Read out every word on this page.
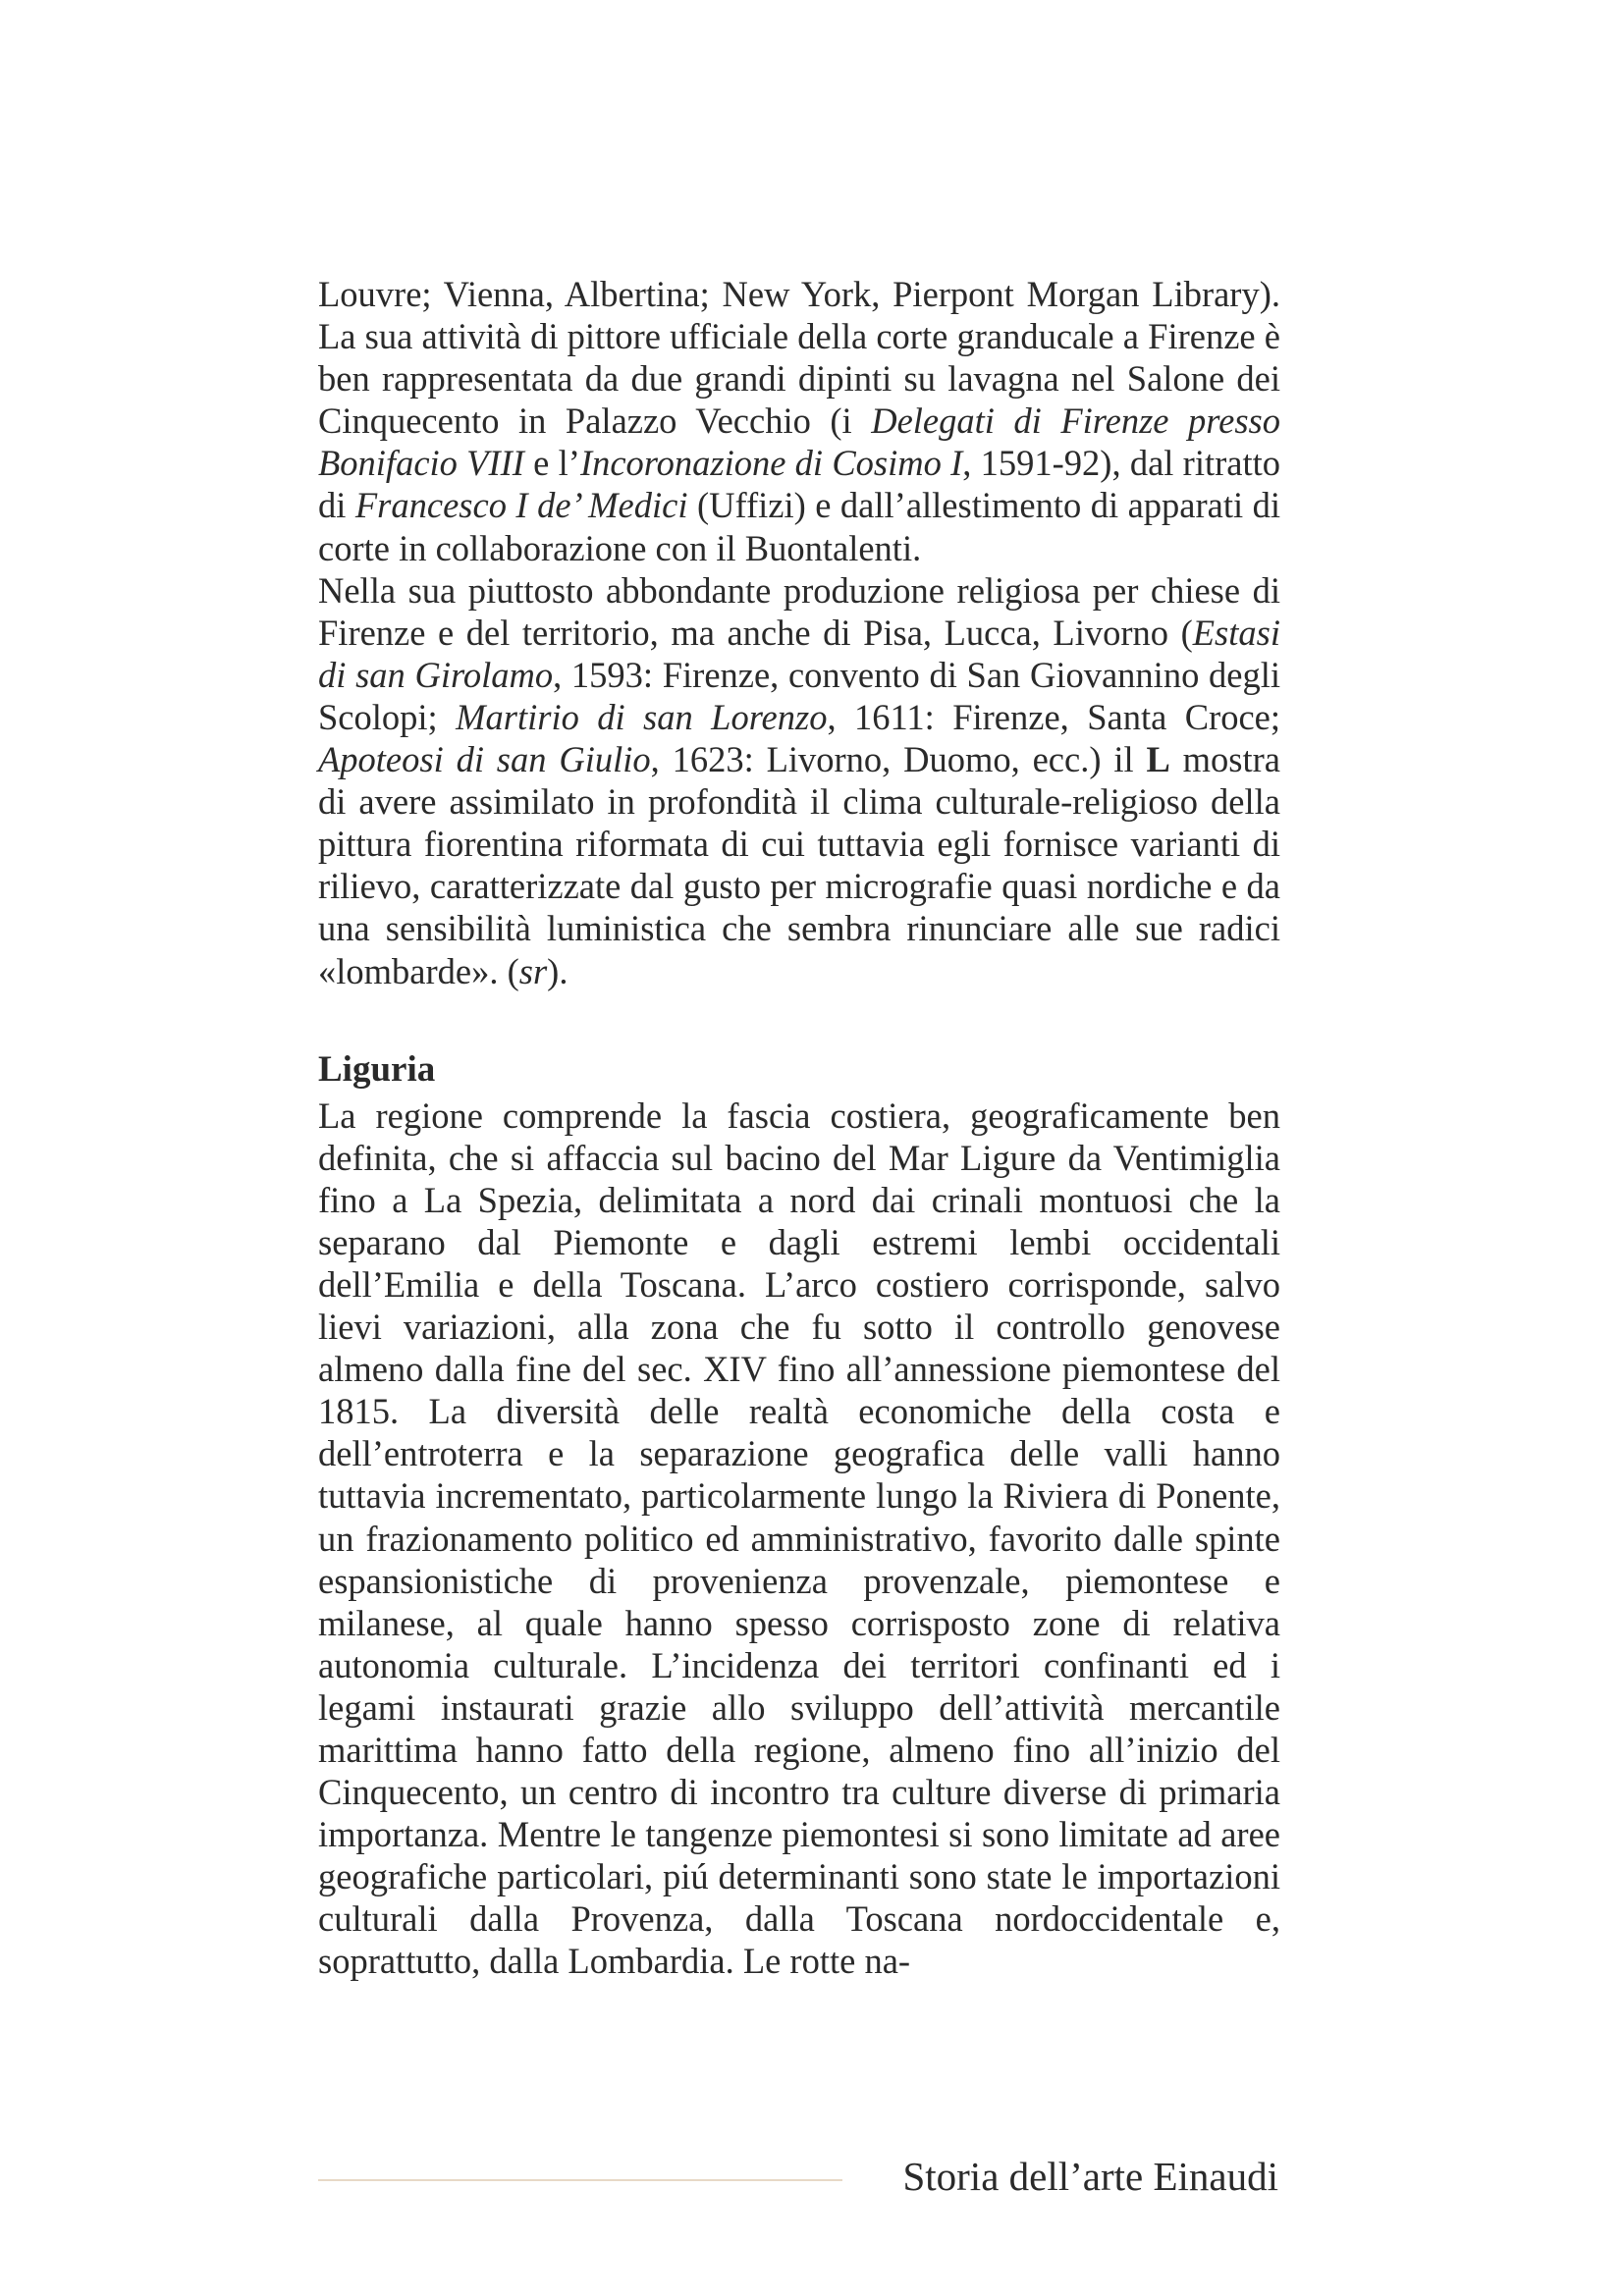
Louvre; Vienna, Albertina; New York, Pierpont Morgan Library). La sua attività di pittore ufficiale della corte granducale a Firenze è ben rappresentata da due grandi dipinti su lavagna nel Salone dei Cinquecento in Palazzo Vecchio (i Delegati di Firenze presso Bonifacio VIII e l’Incoronazione di Cosimo I, 1591-92), dal ritratto di Francesco I de’ Medici (Uffizi) e dall’allestimento di apparati di corte in collaborazione con il Buontalenti.

Nella sua piuttosto abbondante produzione religiosa per chiese di Firenze e del territorio, ma anche di Pisa, Lucca, Livorno (Estasi di san Girolamo, 1593: Firenze, convento di San Giovannino degli Scolopi; Martirio di san Lorenzo, 1611: Firenze, Santa Croce; Apoteosi di san Giulio, 1623: Livorno, Duomo, ecc.) il L mostra di avere assimilato in profondità il clima culturale-religioso della pittura fiorentina riformata di cui tuttavia egli fornisce varianti di rilievo, caratterizzate dal gusto per micrografie quasi nordiche e da una sensibilità luministica che sembra rinunciare alle sue radici «lombarde». (sr).

Liguria

La regione comprende la fascia costiera, geograficamente ben definita, che si affaccia sul bacino del Mar Ligure da Ventimiglia fino a La Spezia, delimitata a nord dai crinali montuosi che la separano dal Piemonte e dagli estremi lembi occidentali dell’Emilia e della Toscana. L’arco costiero corrisponde, salvo lievi variazioni, alla zona che fu sotto il controllo genovese almeno dalla fine del sec. XIV fino all’annessione piemontese del 1815. La diversità delle realtà economiche della costa e dell’entroterra e la separazione geografica delle valli hanno tuttavia incrementato, particolarmente lungo la Riviera di Ponente, un frazionamento politico ed amministrativo, favorito dalle spinte espansionistiche di provenienza provenzale, piemontese e milanese, al quale hanno spesso corrisposto zone di relativa autonomia culturale. L’incidenza dei territori confinanti ed i legami instaurati grazie allo sviluppo dell’attività mercantile marittima hanno fatto della regione, almeno fino all’inizio del Cinquecento, un centro di incontro tra culture diverse di primaria importanza. Mentre le tangenze piemontesi si sono limitate ad aree geografiche particolari, piú determinanti sono state le importazioni culturali dalla Provenza, dalla Toscana nordoccidentale e, soprattutto, dalla Lombardia. Le rotte na-

Storia dell’arte Einaudi
